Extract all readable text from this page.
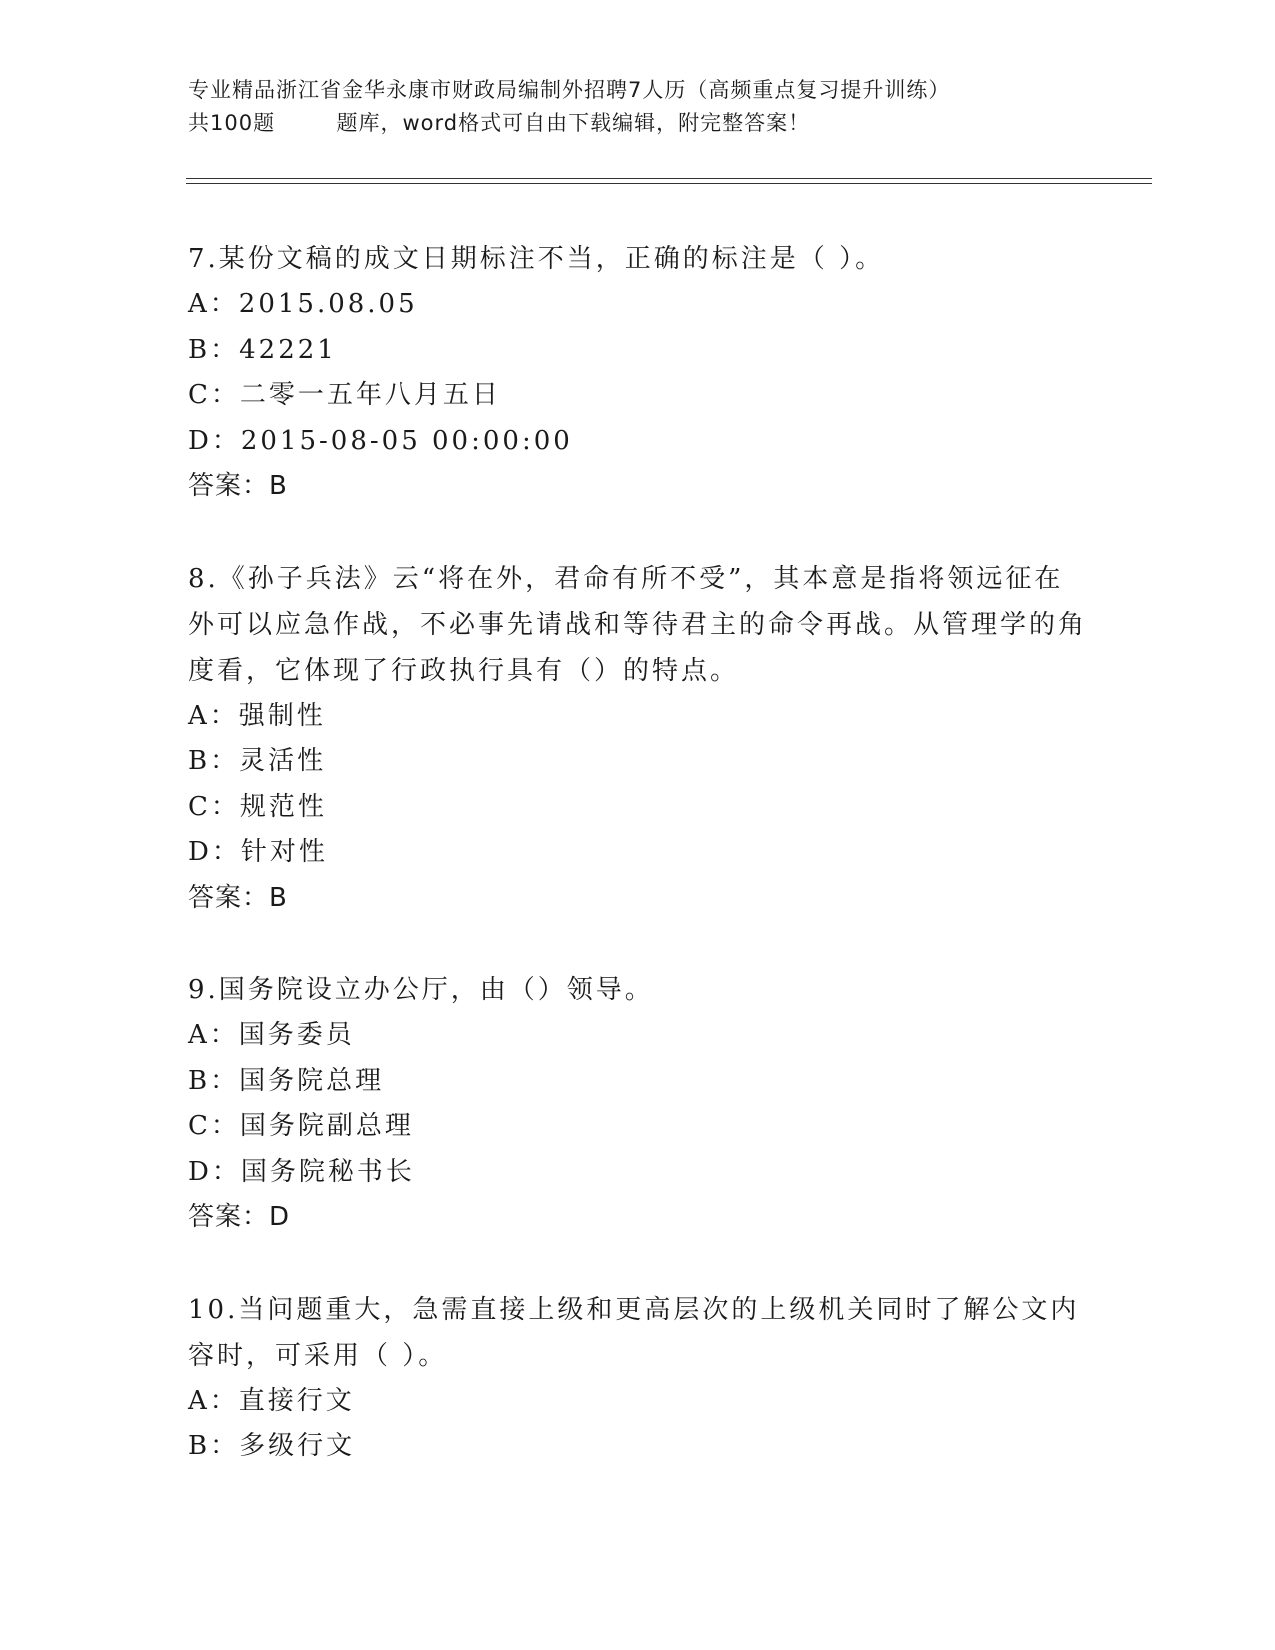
专业精品浙江省金华永康市财政局编制外招聘7人历（高频重点复习提升训练）
共100题        题库，word格式可自由下载编辑，附完整答案！
7.某份文稿的成文日期标注不当，正确的标注是（ ）。
A：2015.08.05
B：42221
C：二零一五年八月五日
D：2015-08-05 00:00:00
答案：B
8.《孙子兵法》云“将在外，君命有所不受”，其本意是指将领远征在外可以应急作战，不必事先请战和等待君主的命令再战。从管理学的角度看，它体现了行政执行具有（）的特点。
A：强制性
B：灵活性
C：规范性
D：针对性
答案：B
9.国务院设立办公厅，由（）领导。
A：国务委员
B：国务院总理
C：国务院副总理
D：国务院秘书长
答案：D
10.当问题重大，急需直接上级和更高层次的上级机关同时了解公文内容时，可采用（ ）。
A：直接行文
B：多级行文
